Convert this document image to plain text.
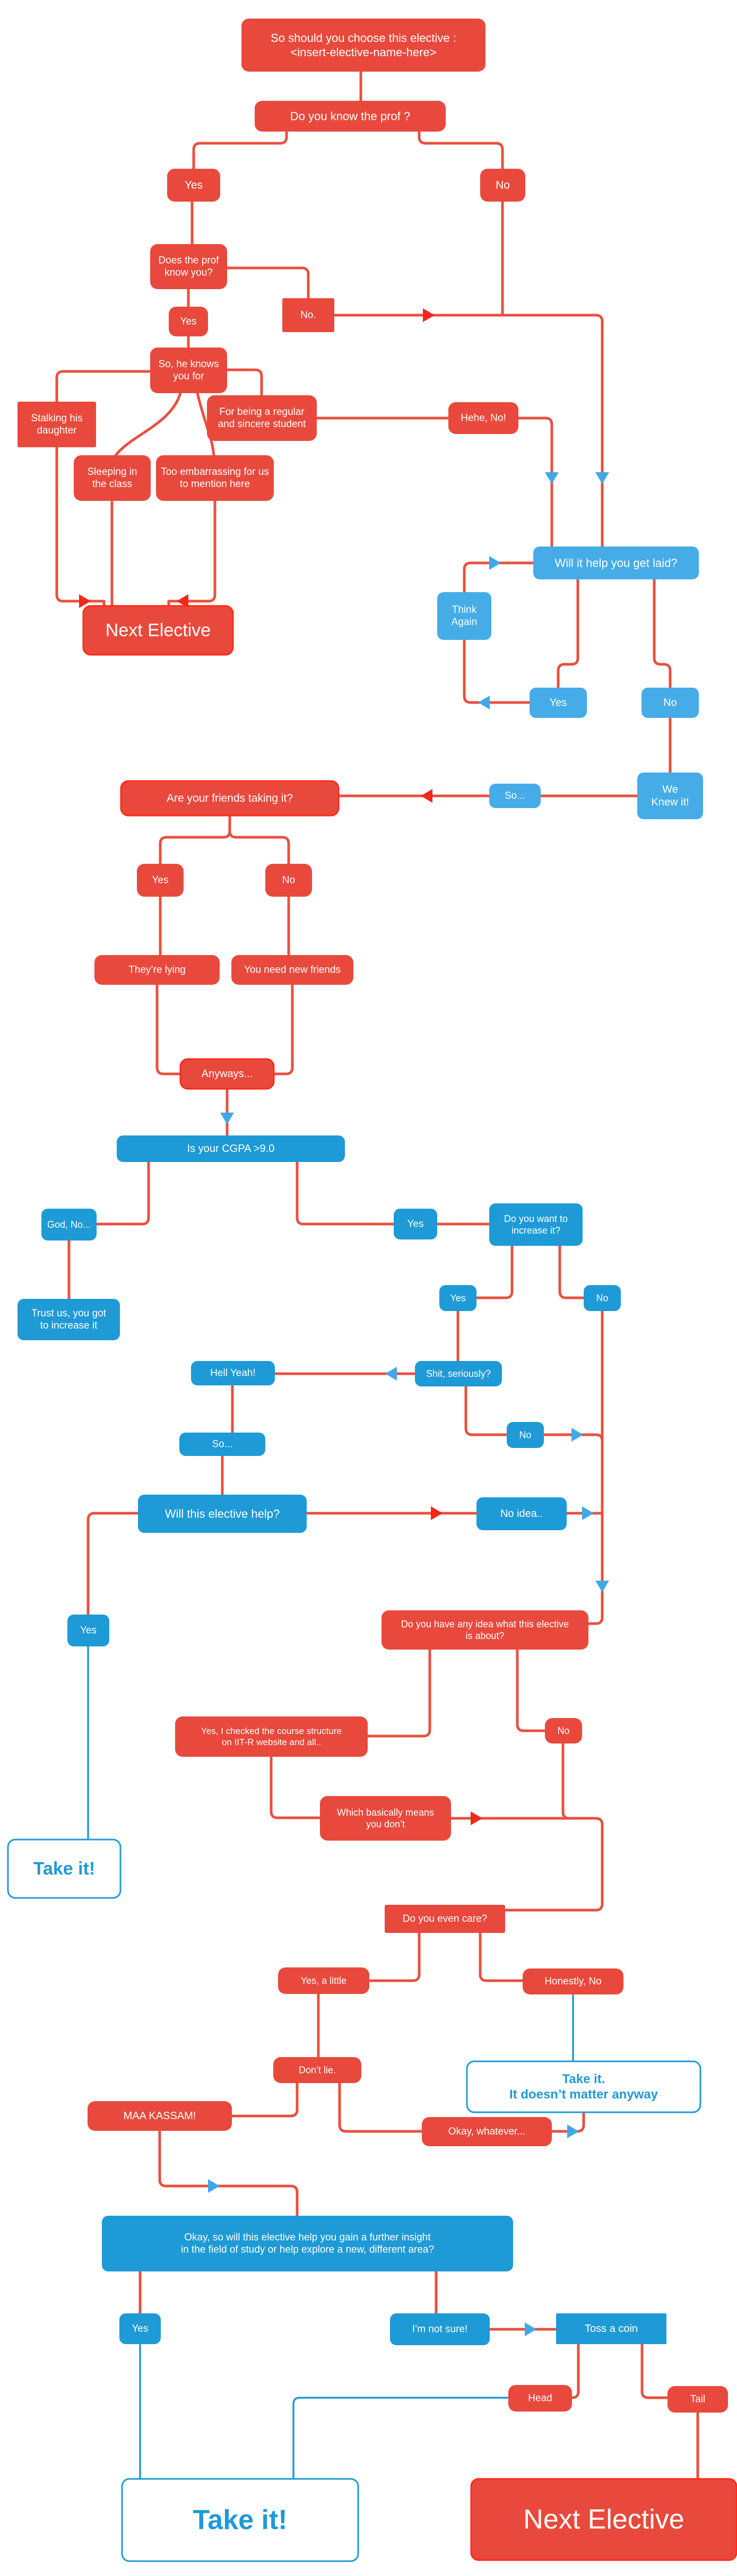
So should you choose this elective : <insert-elective-name-here>
Do you know the prof ?
Yes	No
Does the prof know you?
Yes
No.
So, he knows you for
Stalking his daughter
For being a regular and sincere student
Hehe, No!
Sleeping in the class
Too embarrassing for us to mention here
Will it help you get laid?
Think Again
Next Elective
Yes	No
We Knew it!
So...
Are your friends taking it?
Yes	No
They’re lying	You need new friends
Anyways...
Is your CGPA >9.0
God, No...	Yes	Do you want to increase it?
Trust us, you got to increase it
Yes	No
Hell Yeah!	Shit, seriously?
No
So...
Will this elective help?	No idea..
Yes
Do you have any idea what this elective is about?
Yes, I checked the course structure on IIT-R website and all..
No
Which basically means you don’t
Take it!
Do you even care?
Yes, a little	Honestly, No
Don’t lie.
Take it. It doesn’t matter anyway
MAA KASSAM!
Okay, whatever...
Okay, so will this elective help you gain a further insight in the field of study or help explore a new, different area?
Yes	I’m not sure!	Toss a coin
Head	Tail
Take it!	Next Elective
